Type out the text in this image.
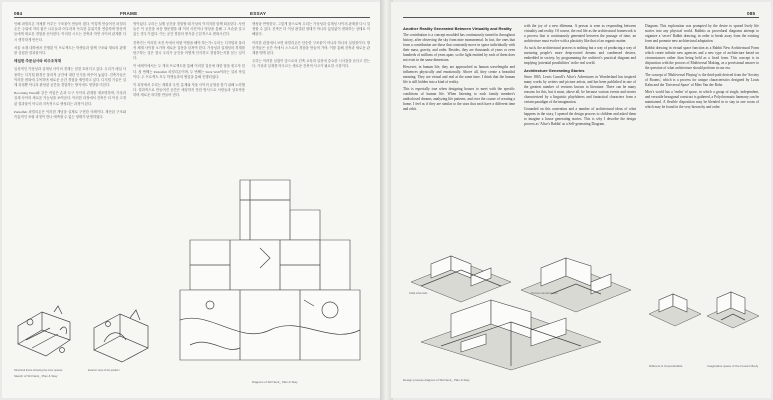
084	FRAME	ESSAY

인해 파빌리온 자체를 이루는 구조물이 만들어 졌다. 이렇게 만들어진 파빌리온은 주위에 자리 잡은 나무들과 어우러져 독특한 분위기를 연출하며 방문객들에게 새로운 경험을 선사한다. 이러한 시도는 건축과 자연 사이의 관계를 다시 생각하게 만든다.

서울 소재 대학에서 진행된 이 프로젝트는 학생들과 함께 구조와 재료의 관계를 실험한 결과물이다.

레일한 추문심사와 비주조적재

일상적인 가상성과 실재성 사이의 경계는 점점 흐려지고 있다. 우리가 매일 사용하는 디지털 환경은 물리적 공간에 대한 인식을 바꾸어 놓았다. 건축가들은 이러한 변화에 주목하며 새로운 공간 경험을 제안하고 있다. 디지털 기술은 설계 과정뿐 아니라 완성된 공간을 경험하는 방식에도 영향을 미친다.

Becoming Hand와 같은 작업은 손과 도구 사이의 관계를 재조명하며, 가상과 실재 사이의 새로운 가능성을 보여준다. 이러한 과정에서 건축은 더 이상 고정된 결과물이 아니라 지속적으로 생성되는 과정이 된다.

Parkaffelt 파빌리온은 이러한 개념을 실제로 구현한 사례이다. 계산된 구조와 즉흥적인 조립 과정이 만나 예측할 수 없는 형태가 탄생하였다.

영이었다. 우리는 실제 공간을 경험할 때 가상의 이미지를 함께 떠올린다. 사람들은 이 공간을 처음 방문했을 때 이미 사진이나 영상을 통해 그 모습을 알고 있는 경우가 많다. 이는 공간 경험의 방식을 근본적으로 변화시킨다.

건축가는 이러한 조건 속에서 어떤 역할을 해야 하는가? 우리는 디지털과 물리적 세계 사이를 오가며 새로운 질문을 던져야 한다. 가상성과 실재성의 경계를 탐구하는 것은 결국 우리가 공간을 어떻게 인식하고 경험하는지를 묻는 일이다.

이 에세이에서는 두 개의 프로젝트를 통해 이러한 질문에 대한 답을 찾고자 한다. 첫 번째는 Parkaffelt 파빌리온이며, 두 번째는 Stick Wall이라는 설치 작업이다. 두 프로젝트 모두 학생들과의 협업을 통해 진행되었다.

이 과정에서 우리는 계획과 우연, 통제와 자율 사이의 균형을 찾기 위해 노력했다. 결과적으로 만들어진 공간은 예상하지 못한 방식으로 사람들과 상호작용하며 새로운 의미를 만들어 낸다.

생성을 반영한다. 그렇게 함으로써 우리는 가상성과 실재성 사이의 관계를 다시 설정할 수 있다. 건축은 더 이상 완결된 형태가 아니라 끊임없이 변화하는 상태로 이해된다.

이러한 관점에서 보면 파빌리온은 단순한 구조물이 아니라 하나의 실험장이다. 방문객들은 공간 속에서 스스로의 경험을 만들어 가며, 이를 통해 건축과 새로운 관계를 맺게 된다.

우리는 이러한 실험이 앞으로의 건축 교육과 실천에 중요한 시사점을 준다고 믿는다. 가상과 실재를 아우르는 새로운 건축적 사고가 필요한 시점이다.

Sketch of Stil Neck_ Plan & Stay
Structural frame showing the inner spaces	Exterior view of the pavilion
Diagram of Stil Neck_ Plan & Stay
085
Another Reality Generated Between Virtuality and Reality

The contribution is a concept moulded has continuously turned in throughout history, after observing the sky from nine monumental. In fact, the ones that form a contribution are those that constantly move in space individually with their mass, gravity, and order. Besides, they are thousands of years or even hundreds of millions of years apart, so the light emitted by each of them does not exist in the same dimension.

However, in human life, they are approached as human wavelengths and influences physically and emotionally. Above all, they create a beautiful meaning. They are virtual and real at the same time. I think that the human life is still hidden into a kind of reality.

This is especially true when designing houses to meet with the specific conditions of human life. When listening to each family member's undisclosed dreams, analyzing life patterns, and over the course of creating a home, I feel as if they are similar to the stars that each have a different time and orbit.

with the joy of a new dilemma. A person is seen as responding between virtuality and reality. Of course, the real life as the architectural framework is a process that is continuously generated between the passage of time, an architecture must evolve with a plasticity like that of an organic matter.

As such, the architectural process is nothing but a way of producing a way of nurturing people's more deep-rooted dreams and condensed desires, embedded in society, by programming the architect's practical diagram and implying 'potential possibilities' in the real world.

Architecture Generating Stories

Since 1865, Lewis Carroll's Alice's Adventures in Wonderland has inspired many works by writers and picture artists, and has been published in one of the greatest number of versions known to literature. There can be many reasons for this, but it must, above all, be because various events and stories characterized by a linguistic playfulness and fantastical characters form a certain paradigm of the imagination.

Grounded on this contention and a number of architectural ideas of what happens in the story, I opened the design process to children and asked them to imagine a house generating stories. This is why I describe the design process as 'Alice's Rabbit' as a Self-generating Diagram.

Diagram. This exploration was prompted by the desire to spread lively life stories into any physical world. Rabbits as procedural diagrams attempt to organize a 'secret' Rabbit drawing, in order to break away from the existing form and promote new architectural adaptation.

Rabbit drawing in virtual space function as a Rabbit New Architectural Form which create infinite new agencies and a new type of architecture based on circumstances rather than being held as a fixed form. This concept is in disjunction with the process of Multiversal Making, as a provisional answer to the question of what architecture should perform in our era.

The concept of 'Multiversal Playing' is the third-path derived from the 'Society of Rooms', which is a process for unique characteristics designed by Louis Kahn and the 'Universal Space' of Mies Van der Rohe.

Mies's world has a 'realm' of space, in which a group of single, independent, and versatile hexagonal construct is gathered, a Polychromatic harmony can be maintained. A flexible disposition may be blended in to stay in one room of which may be found in the very hierarchy and order.

Initial schematic	Process transformation
Design process diagram of Stil Neck_ Plan & Stay
Different & Unpredictable	Imaginative space of the house's Body
